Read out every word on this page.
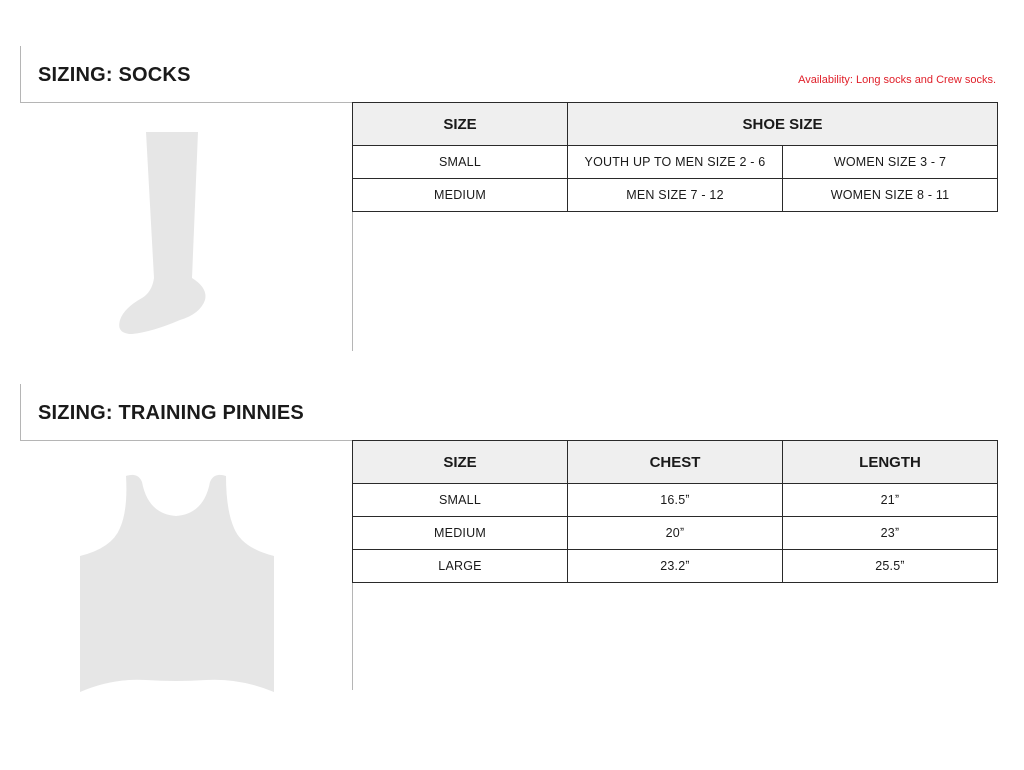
SIZING: SOCKS	Availability: Long socks and Crew socks.
SIZE	SHOE SIZE	
SMALL	YOUTH UP TO MEN SIZE 2 - 6	WOMEN SIZE 3 - 7
MEDIUM	MEN SIZE 7 - 12	WOMEN SIZE 8 - 11
SIZING: TRAINING PINNIES
SIZE	CHEST	LENGTH
SMALL	16.5ˮ	21ˮ
MEDIUM	20ˮ	23ˮ
LARGE	23.2ˮ	25.5ˮ
